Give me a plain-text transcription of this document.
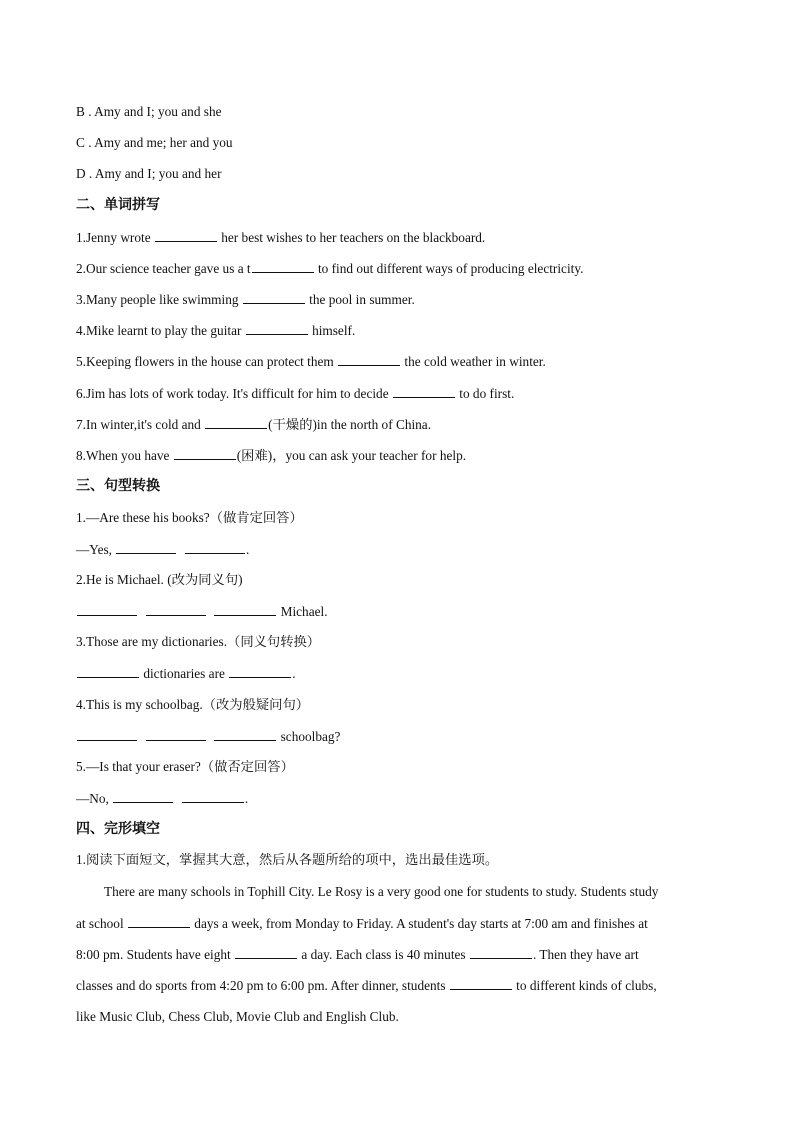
B . Amy and I; you and she
C . Amy and me; her and you
D . Amy and I; you and her
二、单词拼写
1.Jenny wrote	her best wishes to her teachers on the blackboard.
2.Our science teacher gave us a t	to find out different ways of producing electricity.
3.Many people like swimming	the pool in summer.
4.Mike learnt to play the guitar	himself.
5.Keeping flowers in the house can protect them	the cold weather in winter.
6.Jim has lots of work today. It's difficult for him to decide	to do first.
7.In winter,it's cold and	(干燥的)in the north of China.
8.When you have	(困难)，you can ask your teacher for help.
三、句型转换
1.—Are these his books?（做肯定回答）
—Yes,	.
2.He is Michael. (改为同义句)
Michael.
3.Those are my dictionaries.（同义句转换）
dictionaries are	.
4.This is my schoolbag.（改为般疑问句）
schoolbag?
5.—Is that your eraser?（做否定回答）
—No,	.
四、完形填空
1.阅读下面短文，掌握其大意，然后从各题所给的项中，选出最佳选项。
There are many schools in Tophill City. Le Rosy is a very good one for students to study. Students study
at school	days a week, from Monday to Friday. A student's day starts at 7:00 am and finishes at
8:00 pm. Students have eight	a day. Each class is 40 minutes	. Then they have art
classes and do sports from 4:20 pm to 6:00 pm. After dinner, students	to different kinds of clubs,
like Music Club, Chess Club, Movie Club and English Club.
